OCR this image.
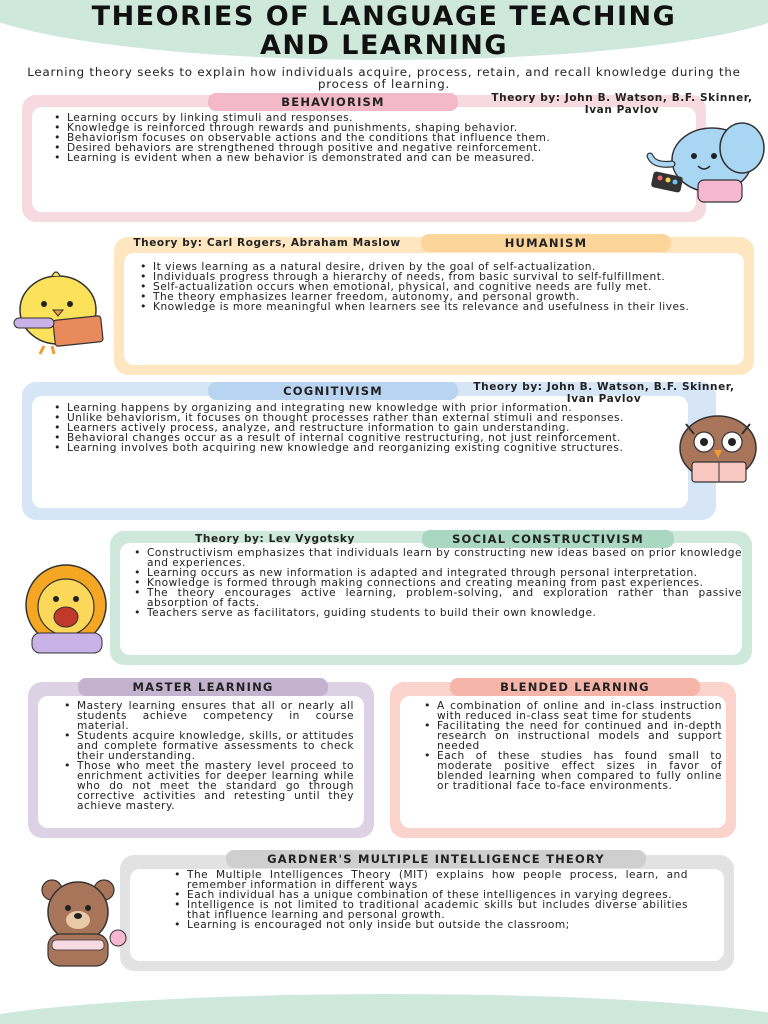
THEORIES OF LANGUAGE TEACHING
AND LEARNING

Learning theory seeks to explain how individuals acquire, process, retain, and recall knowledge during the process of learning.

BEHAVIORISM	Theory by: John B. Watson, B.F. Skinner, Ivan Pavlov
• Learning occurs by linking stimuli and responses.
• Knowledge is reinforced through rewards and punishments, shaping behavior.
• Behaviorism focuses on observable actions and the conditions that influence them.
• Desired behaviors are strengthened through positive and negative reinforcement.
• Learning is evident when a new behavior is demonstrated and can be measured.
HUMANISM
Theory by: Carl Rogers, Abraham Maslow
• It views learning as a natural desire, driven by the goal of self-actualization.
• Individuals progress through a hierarchy of needs, from basic survival to self-fulfillment.
• Self-actualization occurs when emotional, physical, and cognitive needs are fully met.
• The theory emphasizes learner freedom, autonomy, and personal growth.
• Knowledge is more meaningful when learners see its relevance and usefulness in their lives.
COGNITIVISM	Theory by: John B. Watson, B.F. Skinner, Ivan Pavlov
• Learning happens by organizing and integrating new knowledge with prior information.
• Unlike behaviorism, it focuses on thought processes rather than external stimuli and responses.
• Learners actively process, analyze, and restructure information to gain understanding.
• Behavioral changes occur as a result of internal cognitive restructuring, not just reinforcement.
• Learning involves both acquiring new knowledge and reorganizing existing cognitive structures.
SOCIAL CONSTRUCTIVISM
Theory by: Lev Vygotsky
• Constructivism emphasizes that individuals learn by constructing new ideas based on prior knowledge and experiences.
• Learning occurs as new information is adapted and integrated through personal interpretation.
• Knowledge is formed through making connections and creating meaning from past experiences.
• The theory encourages active learning, problem-solving, and exploration rather than passive absorption of facts.
• Teachers serve as facilitators, guiding students to build their own knowledge.
MASTER LEARNING
• Mastery learning ensures that all or nearly all students achieve competency in course material.
• Students acquire knowledge, skills, or attitudes and complete formative assessments to check their understanding.
• Those who meet the mastery level proceed to enrichment activities for deeper learning while who do not meet the standard go through corrective activities and retesting until they achieve mastery.
BLENDED LEARNING
• A combination of online and in-class instruction with reduced in-class seat time for students
• Facilitating the need for continued and in-depth research on instructional models and support needed
• Each of these studies has found small to moderate positive effect sizes in favor of blended learning when compared to fully online or traditional face to-face environments.
GARDNER'S MULTIPLE INTELLIGENCE THEORY
• The Multiple Intelligences Theory (MIT) explains how people process, learn, and remember information in different ways
• Each individual has a unique combination of these intelligences in varying degrees.
• Intelligence is not limited to traditional academic skills but includes diverse abilities that influence learning and personal growth.
• Learning is encouraged not only inside but outside the classroom;
